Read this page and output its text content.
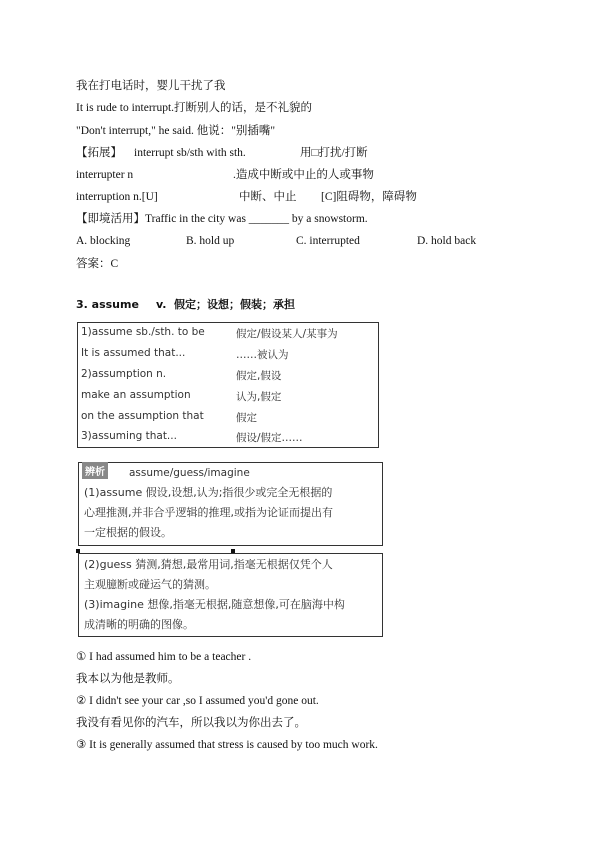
我在打电话时，婴儿干扰了我
It is rude to interrupt.打断别人的话，是不礼貌的
"Don't interrupt," he said. 他说："别插嘴"
【拓展】 interrupt sb/sth with sth.	用□打扰/打断
interrupter n	.造成中断或中止的人或事物
interruption n.[U]	中断、中止 [C]阻碍物，障碍物
【即境活用】Traffic in the city was _______ by a snowstorm.
A. blocking	B. hold up	C. interrupted	D. hold back
答案：C
3. assume v. 假定；设想；假装；承担
1)assume sb./sth. to be	假定/假设某人/某事为
It is assumed that...	……被认为
2)assumption n.	假定,假设
make an assumption	认为,假定
on the assumption that	假定
3)assuming that...	假设/假定……
辨析 assume/guess/imagine
(1)assume 假设,设想,认为;指很少或完全无根据的
心理推测,并非合乎逻辑的推理,或指为论证而提出有
一定根据的假设。
(2)guess 猜测,猜想,最常用词,指毫无根据仅凭个人
主观臆断或碰运气的猜测。
(3)imagine 想像,指毫无根据,随意想像,可在脑海中构
成清晰的明确的图像。
① I had assumed him to be a teacher .
我本以为他是教师。
② I didn't see your car ,so I assumed you'd gone out.
我没有看见你的汽车，所以我以为你出去了。
③ It is generally assumed that stress is caused by too much work.
